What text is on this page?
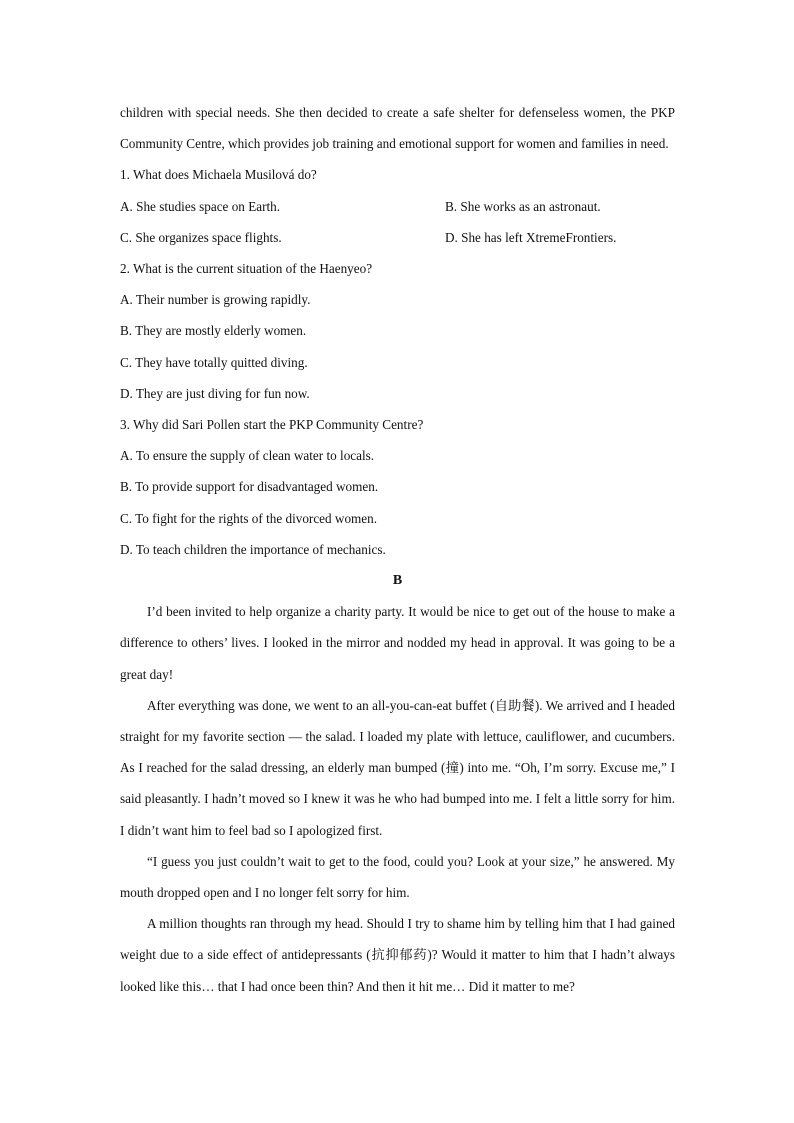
children with special needs. She then decided to create a safe shelter for defenseless women, the PKP Community Centre, which provides job training and emotional support for women and families in need.

1. What does Michaela Musilová do?

A. She studies space on Earth.	B. She works as an astronaut.
C. She organizes space flights.	D. She has left XtremeFrontiers.

2. What is the current situation of the Haenyeo?

A. Their number is growing rapidly.

B. They are mostly elderly women.

C. They have totally quitted diving.

D. They are just diving for fun now.

3. Why did Sari Pollen start the PKP Community Centre?

A. To ensure the supply of clean water to locals.

B. To provide support for disadvantaged women.

C. To fight for the rights of the divorced women.

D. To teach children the importance of mechanics.

B

I’d been invited to help organize a charity party. It would be nice to get out of the house to make a difference to others’ lives. I looked in the mirror and nodded my head in approval. It was going to be a great day!

After everything was done, we went to an all-you-can-eat buffet (自助餐). We arrived and I headed straight for my favorite section — the salad. I loaded my plate with lettuce, cauliflower, and cucumbers. As I reached for the salad dressing, an elderly man bumped (撞) into me. “Oh, I’m sorry. Excuse me,” I said pleasantly. I hadn’t moved so I knew it was he who had bumped into me. I felt a little sorry for him. I didn’t want him to feel bad so I apologized first.

“I guess you just couldn’t wait to get to the food, could you? Look at your size,” he answered. My mouth dropped open and I no longer felt sorry for him.

A million thoughts ran through my head. Should I try to shame him by telling him that I had gained weight due to a side effect of antidepressants (抗抑郁药)? Would it matter to him that I hadn’t always looked like this… that I had once been thin? And then it hit me… Did it matter to me?
